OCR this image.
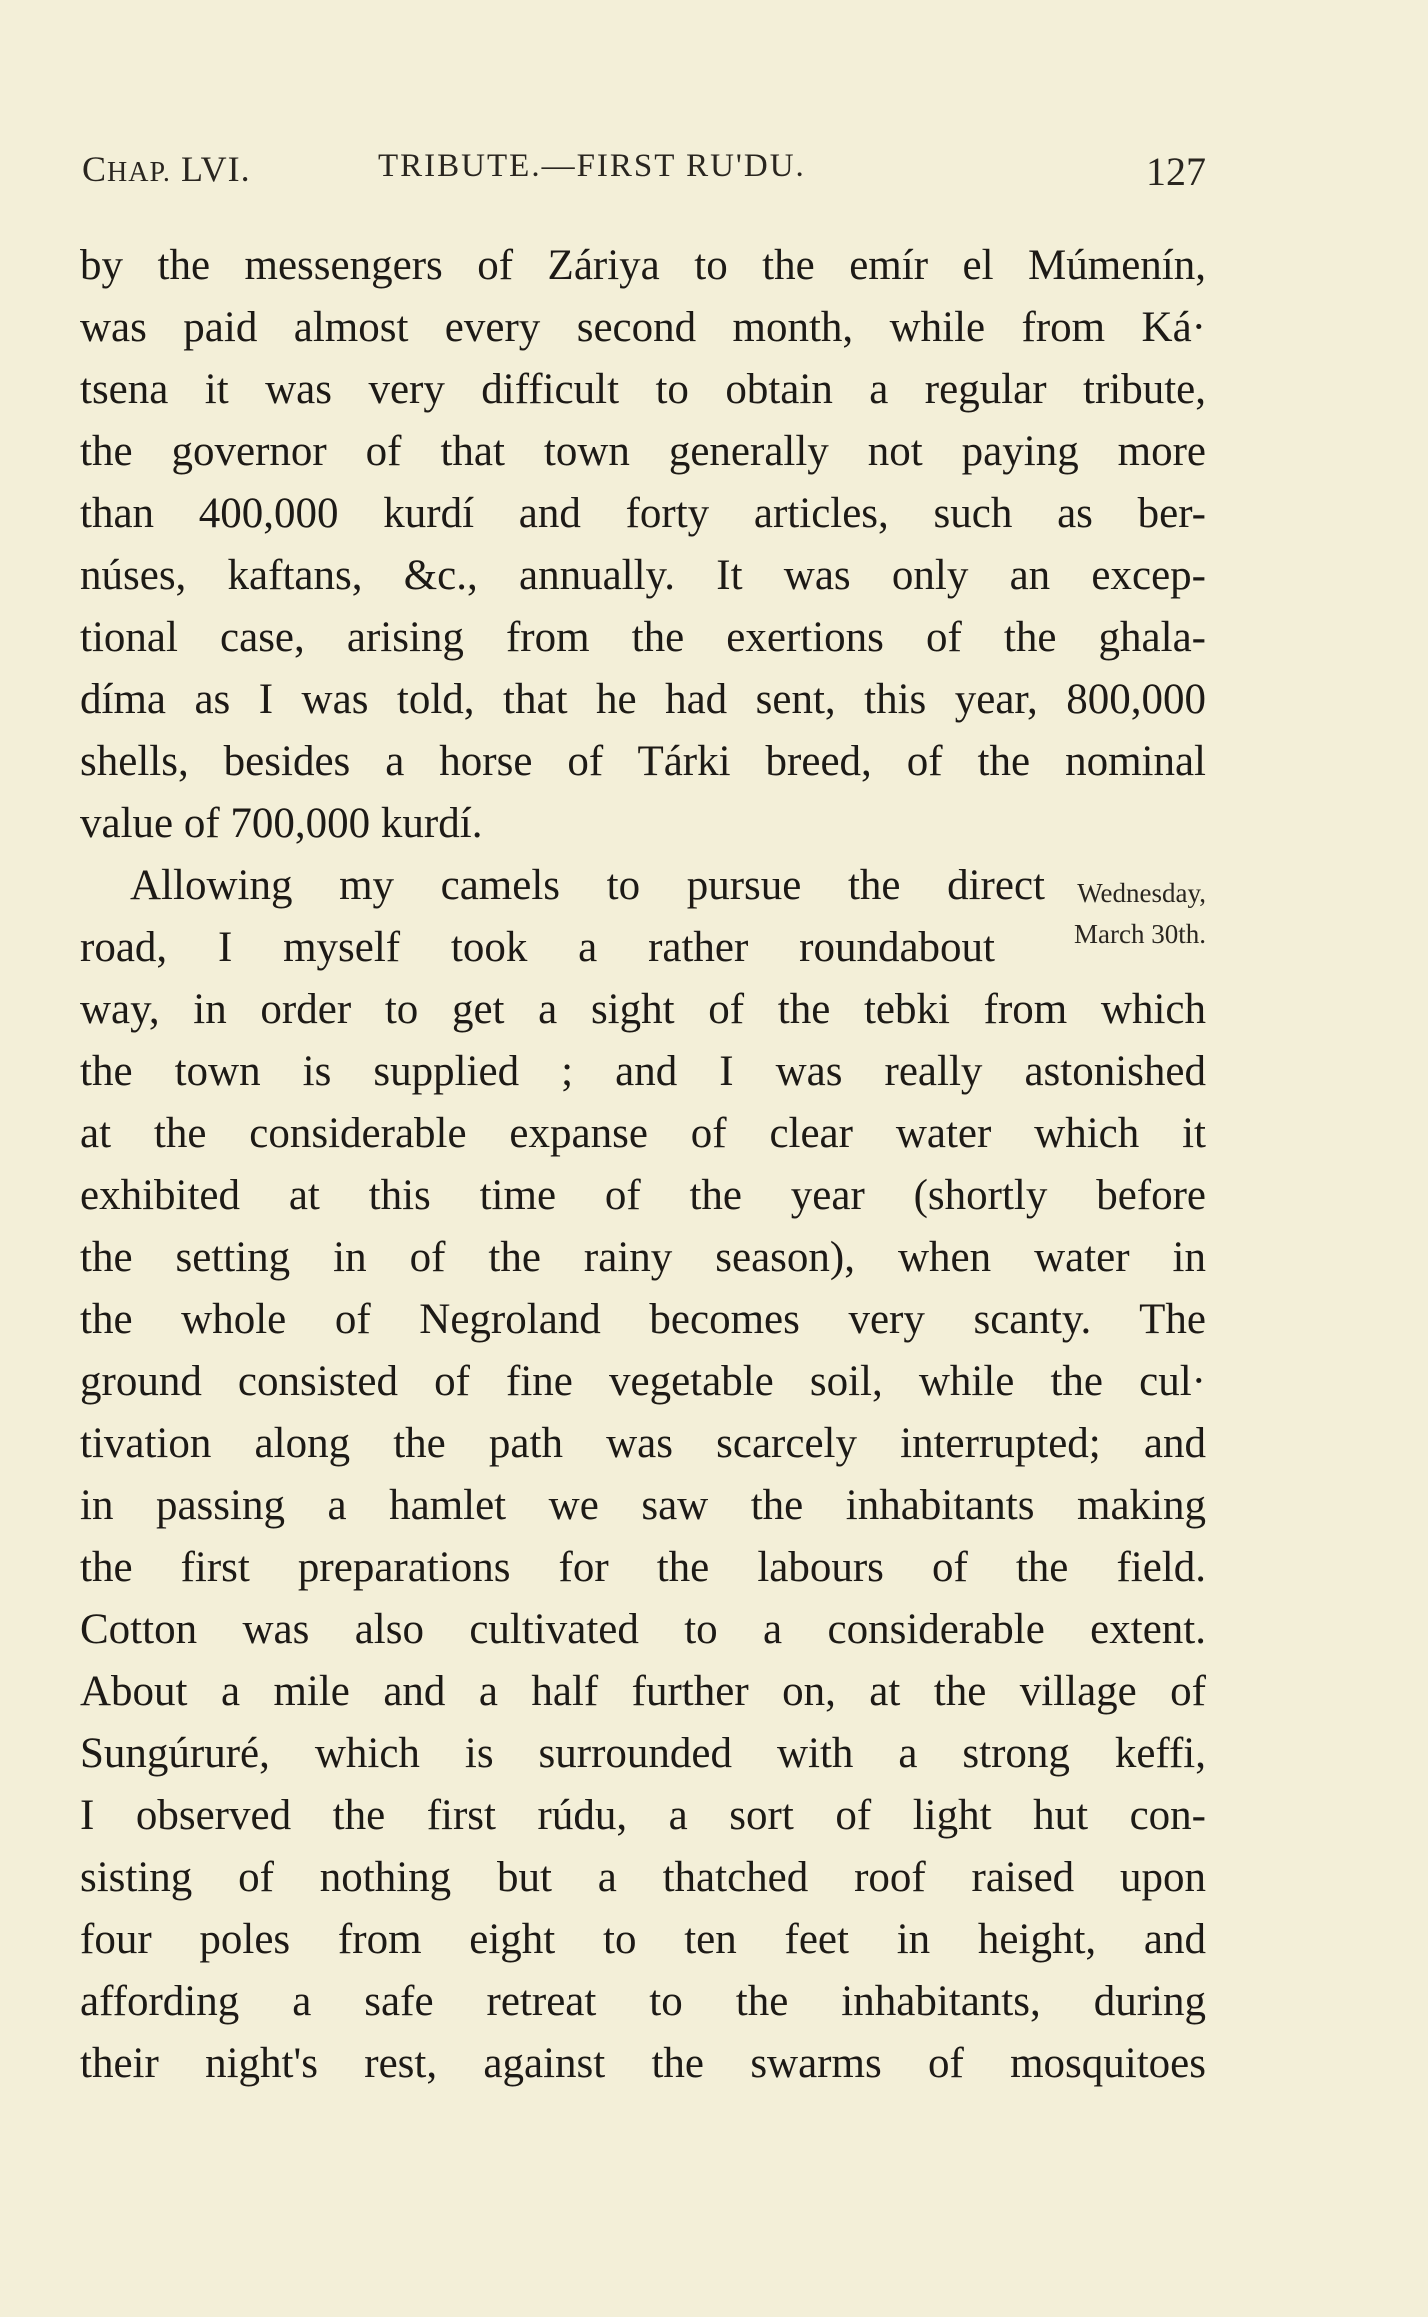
CHAP. LVI.	TRIBUTE.—FIRST RU'DU.	127
by the messengers of Záriya to the emír el Múmenín,
was paid almost every second month, while from Ká·
tsena it was very difficult to obtain a regular tribute,
the governor of that town generally not paying more
than 400,000 kurdí and forty articles, such as ber-
núses, kaftans, &c., annually. It was only an excep-
tional case, arising from the exertions of the ghala-
díma as I was told, that he had sent, this year, 800,000
shells, besides a horse of Tárki breed, of the nominal
value of 700,000 kurdí.
Allowing my camels to pursue the direct
road, I myself took a rather roundabout
way, in order to get a sight of the tebki from which
the town is supplied ; and I was really astonished
at the considerable expanse of clear water which it
exhibited at this time of the year (shortly before
the setting in of the rainy season), when water in
the whole of Negroland becomes very scanty. The
ground consisted of fine vegetable soil, while the cul·
tivation along the path was scarcely interrupted; and
in passing a hamlet we saw the inhabitants making
the first preparations for the labours of the field.
Cotton was also cultivated to a considerable extent.
About a mile and a half further on, at the village of
Sungúruré, which is surrounded with a strong keffi,
I observed the first rúdu, a sort of light hut con-
sisting of nothing but a thatched roof raised upon
four poles from eight to ten feet in height, and
affording a safe retreat to the inhabitants, during
their night's rest, against the swarms of mosquitoes
Wednesday,
March 30th.
